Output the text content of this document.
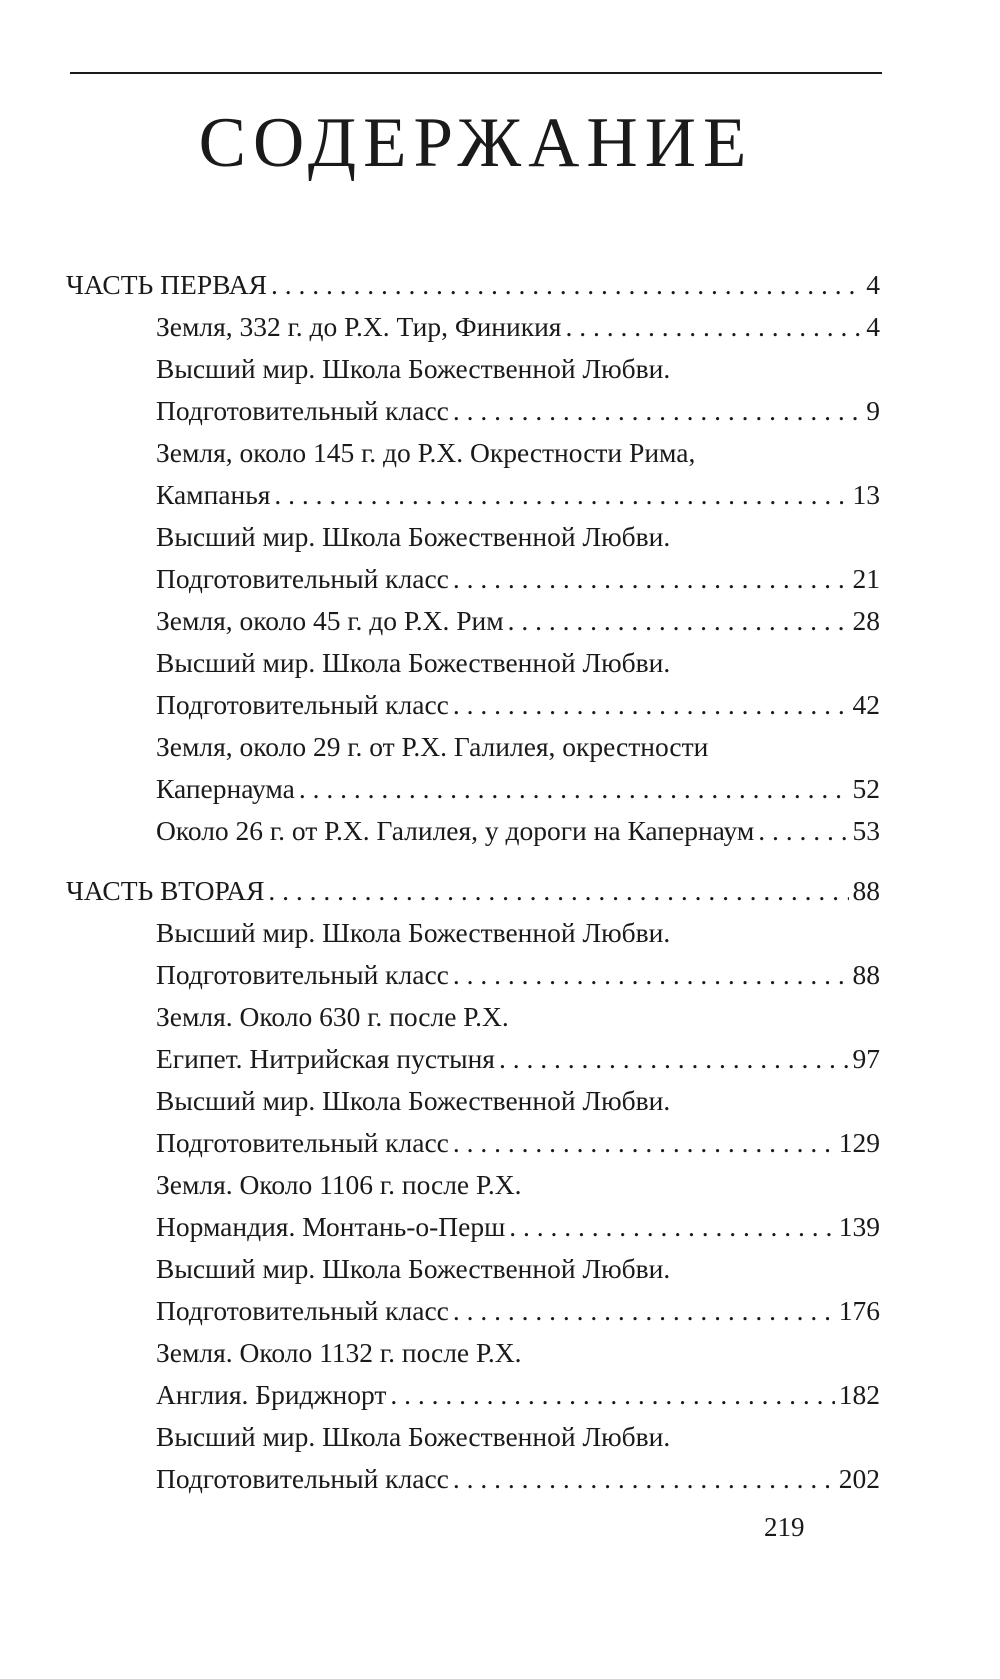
СОДЕРЖАНИЕ
ЧАСТЬ ПЕРВАЯ . . .	4
Земля, 332 г. до Р.Х. Тир, Финикия . . .	4
Высший мир. Школа Божественной Любви.
Подготовительный класс . . .	9
Земля, около 145 г. до Р.Х. Окрестности Рима,
Кампанья . . .	13
Высший мир. Школа Божественной Любви.
Подготовительный класс . . .	21
Земля, около 45 г. до Р.Х. Рим . . .	28
Высший мир. Школа Божественной Любви.
Подготовительный класс . . .	42
Земля, около 29 г. от Р.Х. Галилея, окрестности
Капернаума . . .	52
Около 26 г. от Р.Х. Галилея, у дороги на Капернаум . . .	53
ЧАСТЬ ВТОРАЯ . . .	88
Высший мир. Школа Божественной Любви.
Подготовительный класс . . .	88
Земля. Около 630 г. после Р.Х.
Египет. Нитрийская пустыня . . .	97
Высший мир. Школа Божественной Любви.
Подготовительный класс . . .	129
Земля. Около 1106 г. после Р.Х.
Нормандия. Монтань-о-Перш . . .	139
Высший мир. Школа Божественной Любви.
Подготовительный класс . . .	176
Земля. Около 1132 г. после Р.Х.
Англия. Бриджнорт . . .	182
Высший мир. Школа Божественной Любви.
Подготовительный класс . . .	202
219
